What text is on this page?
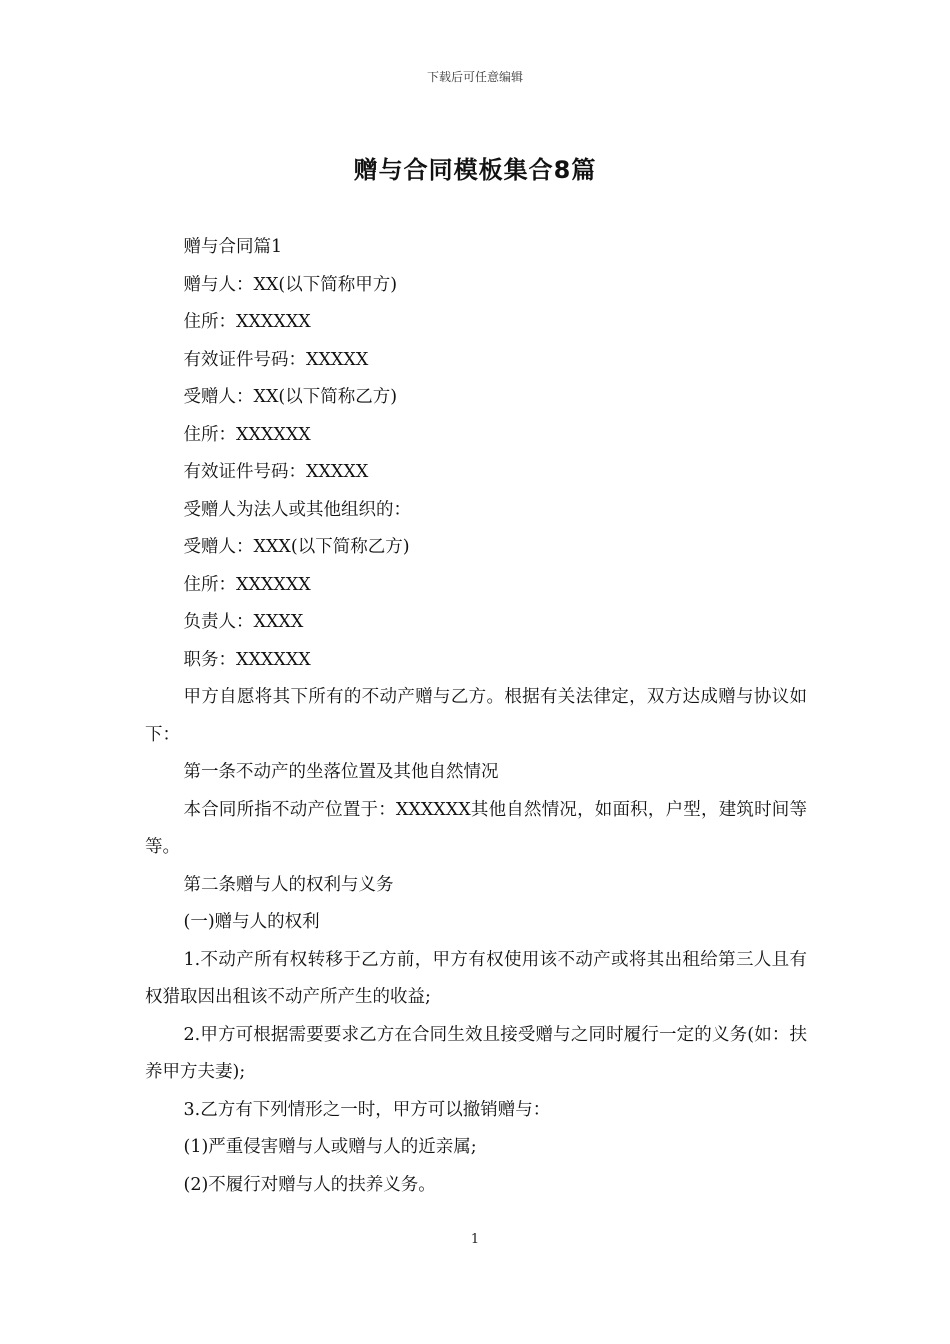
下载后可任意编辑
赠与合同模板集合8篇

赠与合同篇1

赠与人：XX(以下简称甲方)

住所：XXXXXX

有效证件号码：XXXXX

受赠人：XX(以下简称乙方)

住所：XXXXXX

有效证件号码：XXXXX

受赠人为法人或其他组织的：

受赠人：XXX(以下简称乙方)

住所：XXXXXX

负责人：XXXX

职务：XXXXXX

甲方自愿将其下所有的不动产赠与乙方。根据有关法律定，双方达成赠与协议如下：

第一条不动产的坐落位置及其他自然情况

本合同所指不动产位置于：XXXXXX其他自然情况，如面积，户型，建筑时间等等。

第二条赠与人的权利与义务

(一)赠与人的权利

1.不动产所有权转移于乙方前，甲方有权使用该不动产或将其出租给第三人且有权猎取因出租该不动产所产生的收益;

2.甲方可根据需要要求乙方在合同生效且接受赠与之同时履行一定的义务(如：扶养甲方夫妻);

3.乙方有下列情形之一时，甲方可以撤销赠与：

(1)严重侵害赠与人或赠与人的近亲属;

(2)不履行对赠与人的扶养义务。

1
